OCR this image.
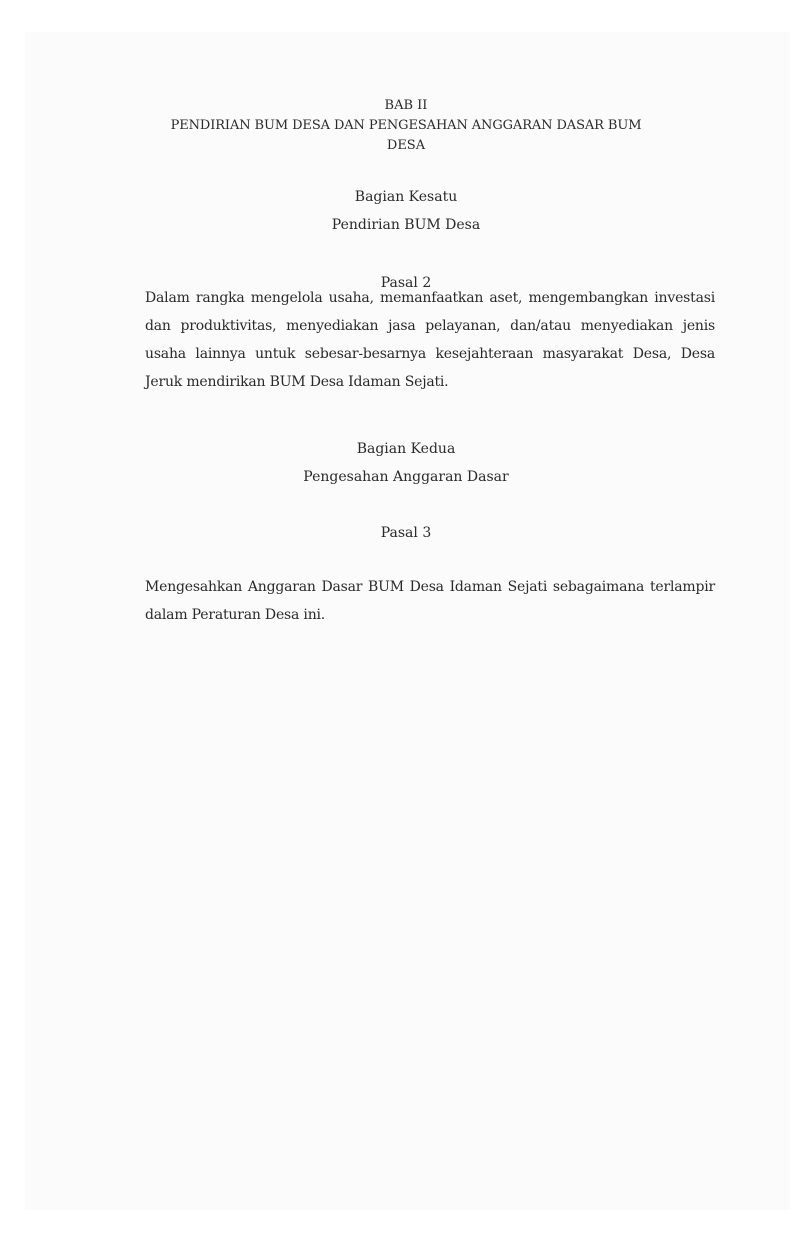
BAB II
PENDIRIAN BUM DESA DAN PENGESAHAN ANGGARAN DASAR BUM
DESA
Bagian Kesatu
Pendirian BUM Desa
Pasal 2
Dalam rangka mengelola usaha, memanfaatkan aset, mengembangkan investasi dan produktivitas, menyediakan jasa pelayanan, dan/atau menyediakan jenis usaha lainnya untuk sebesar-besarnya kesejahteraan masyarakat Desa, Desa Jeruk mendirikan BUM Desa Idaman Sejati.
Bagian Kedua
Pengesahan Anggaran Dasar
Pasal 3
Mengesahkan Anggaran Dasar BUM Desa Idaman Sejati sebagaimana terlampir dalam Peraturan Desa ini.
